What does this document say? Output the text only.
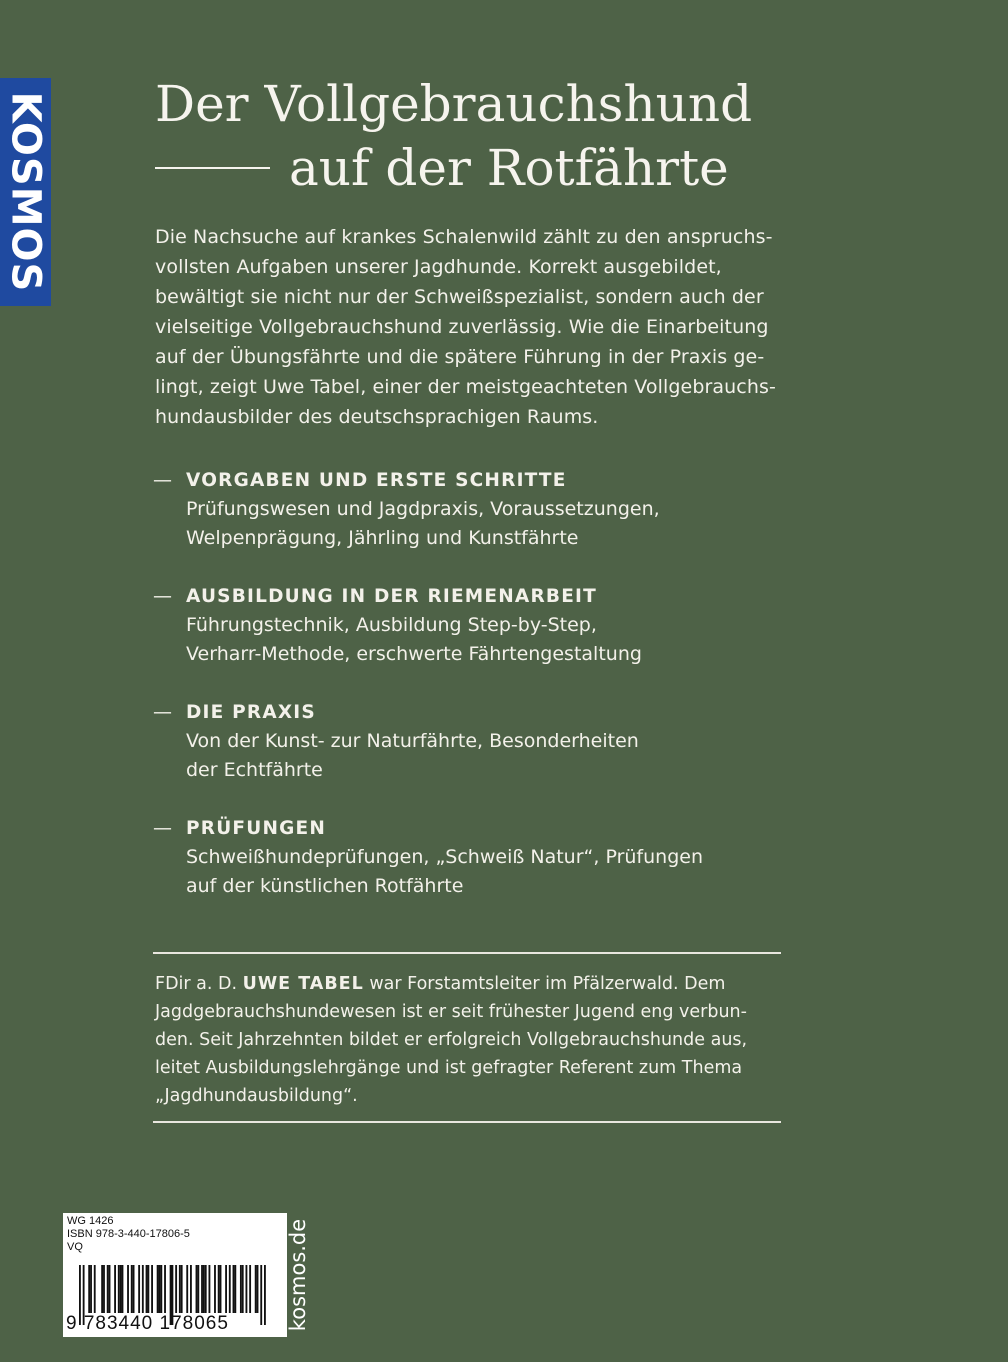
KOSMOS Der Vollgebrauchshund
auf der Rotfährte

Die Nachsuche auf krankes Schalenwild zählt zu den anspruchs-

vollsten Aufgaben unserer Jagdhunde. Korrekt ausgebildet,

bewältigt sie nicht nur der Schweißspezialist, sondern auch der

vielseitige Vollgebrauchshund zuverlässig. Wie die Einarbeitung

auf der Übungsfährte und die spätere Führung in der Praxis ge-

lingt, zeigt Uwe Tabel, einer der meistgeachteten Vollgebrauchs-

hundausbilder des deutschsprachigen Raums.

— VORGABEN UND ERSTE SCHRITTE
Prüfungswesen und Jagdpraxis, Voraussetzungen,
Welpenprägung, Jährling und Kunstfährte
— AUSBILDUNG IN DER RIEMENARBEIT
Führungstechnik, Ausbildung Step-by-Step,
Verharr-Methode, erschwerte Fährtengestaltung
— DIE PRAXIS
Von der Kunst- zur Naturfährte, Besonderheiten
der Echtfährte
— PRÜFUNGEN
Schweißhundeprüfungen, „Schweiß Natur“, Prüfungen
auf der künstlichen Rotfährte

FDir a. D. UWE TABEL war Forstamtsleiter im Pfälzerwald. Dem

Jagdgebrauchshundewesen ist er seit frühester Jugend eng verbun-

den. Seit Jahrzehnten bildet er erfolgreich Vollgebrauchshunde aus,

leitet Ausbildungslehrgänge und ist gefragter Referent zum Thema

„Jagdhundausbildung“.

WG 1426
ISBN 978-3-440-17806-5
VQ
9 783440 178065	kosmos.de
